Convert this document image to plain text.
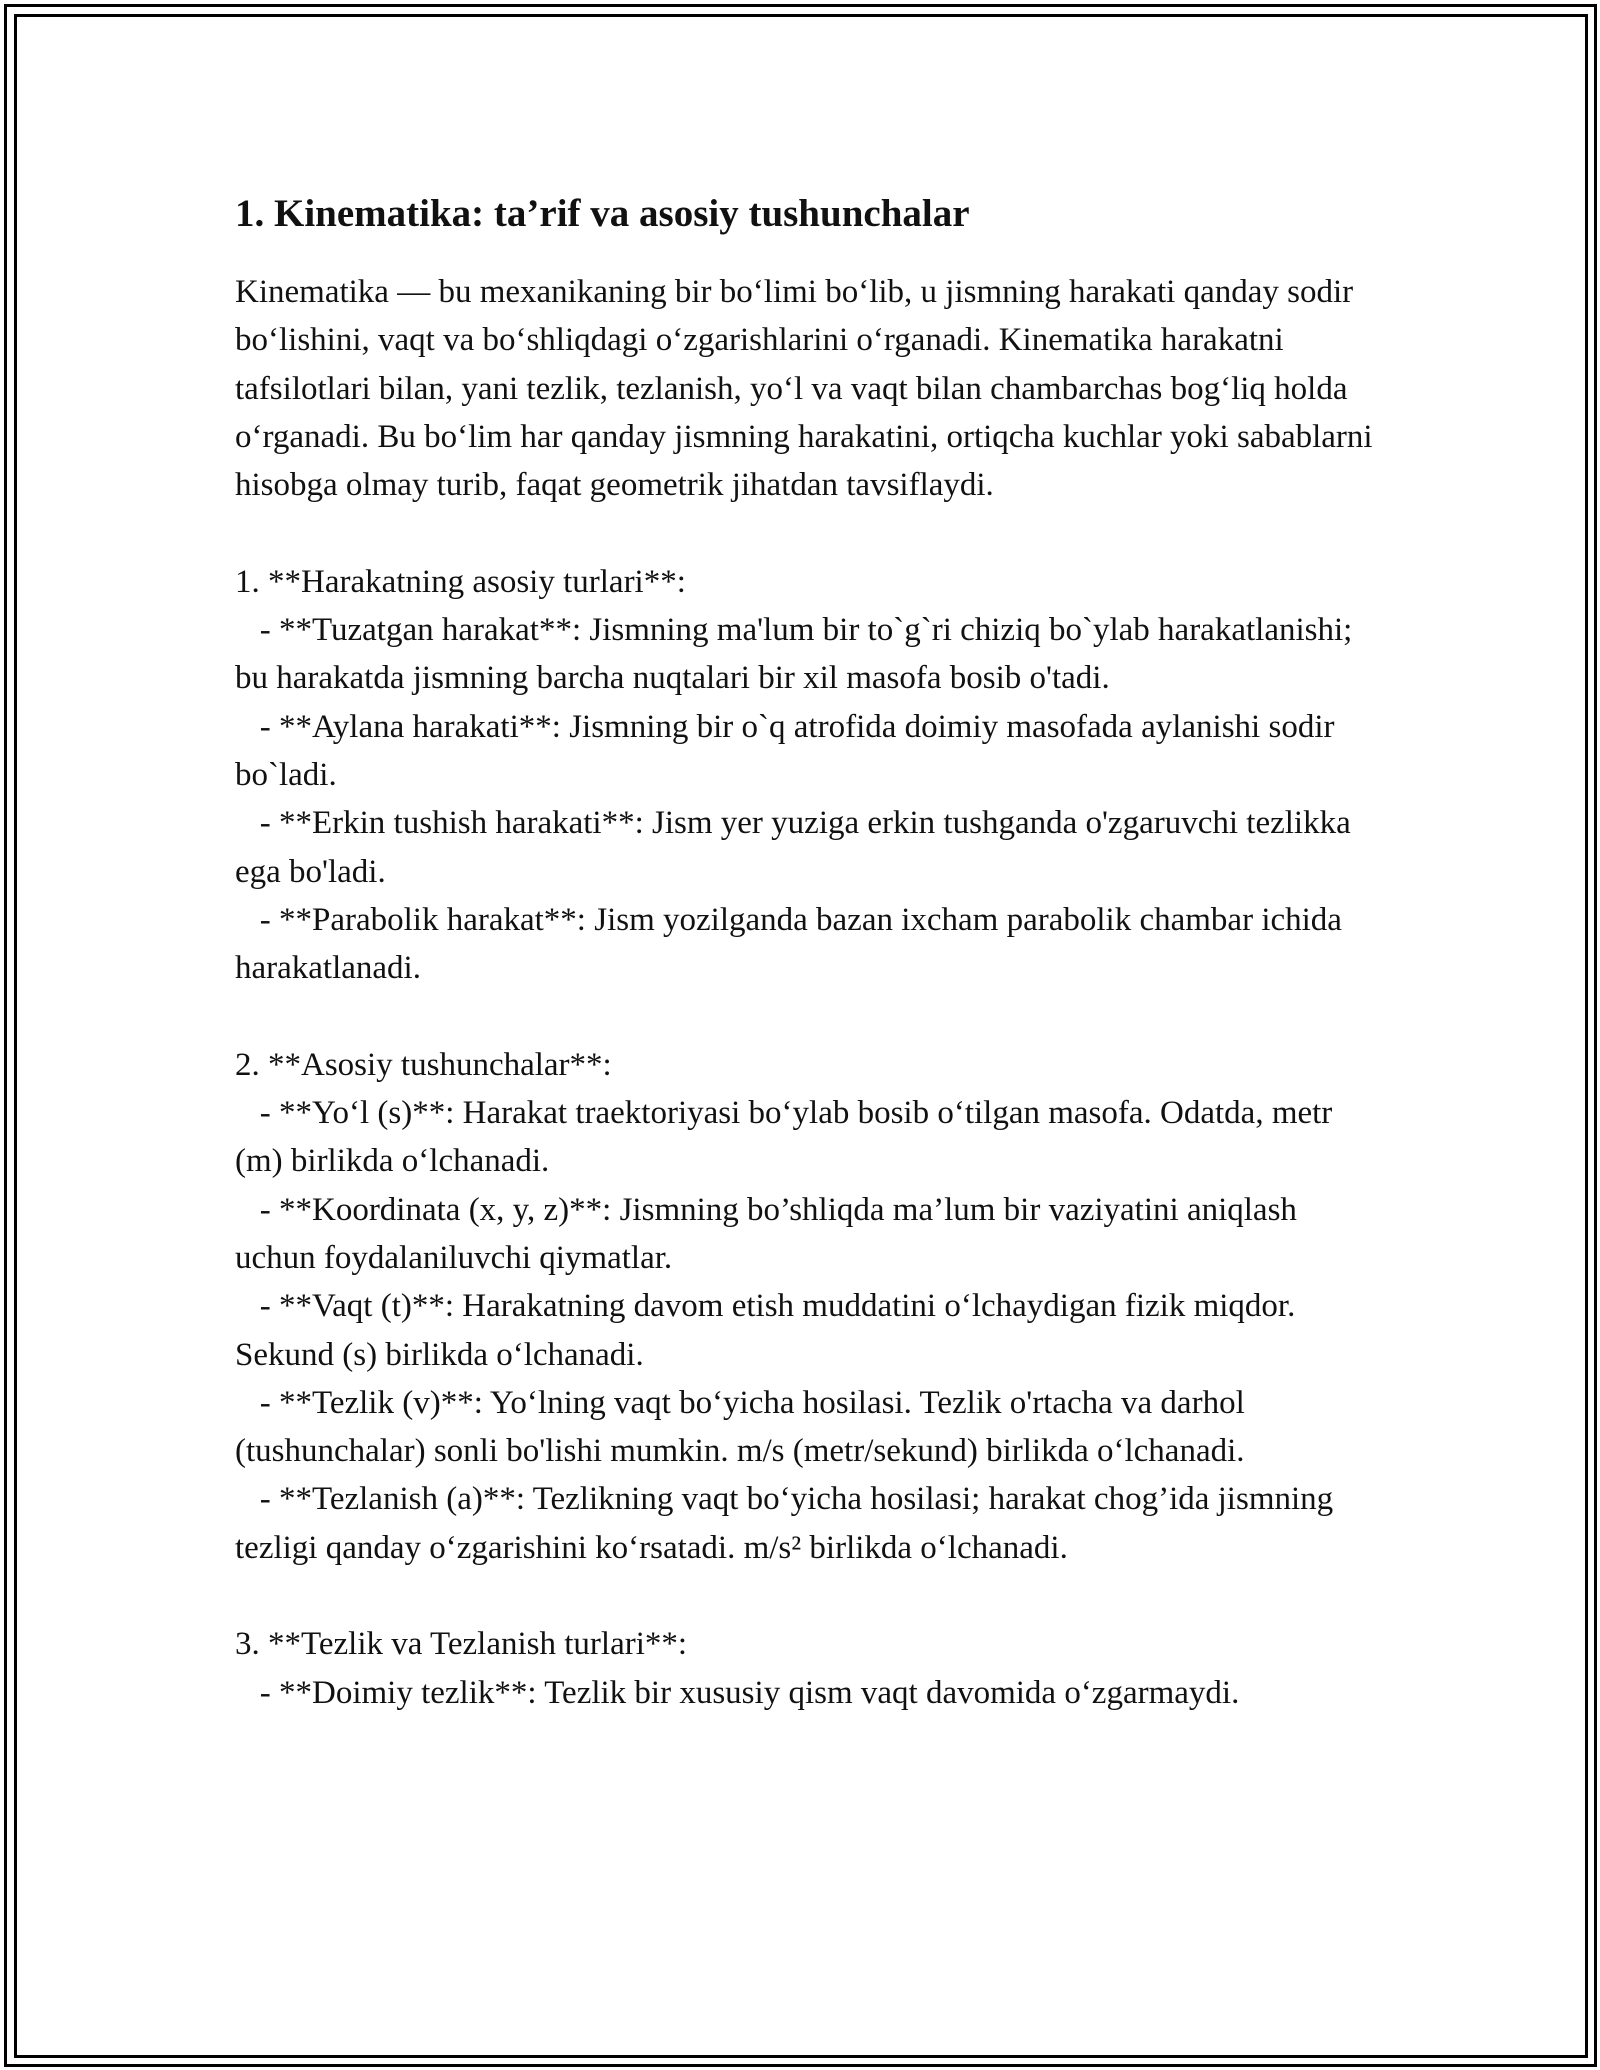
1. Kinematika: ta’rif va asosiy tushunchalar

Kinematika — bu mexanikaning bir bo‘limi bo‘lib, u jismning harakati qanday sodir bo‘lishini, vaqt va bo‘shliqdagi o‘zgarishlarini o‘rganadi. Kinematika harakatni tafsilotlari bilan, yani tezlik, tezlanish, yo‘l va vaqt bilan chambarchas bog‘liq holda o‘rganadi. Bu bo‘lim har qanday jismning harakatini, ortiqcha kuchlar yoki sabablarni hisobga olmay turib, faqat geometrik jihatdan tavsiflaydi.

1. **Harakatning asosiy turlari**:

- **Tuzatgan harakat**: Jismning ma'lum bir to`g`ri chiziq bo`ylab harakatlanishi; bu harakatda jismning barcha nuqtalari bir xil masofa bosib o'tadi.

- **Aylana harakati**: Jismning bir o`q atrofida doimiy masofada aylanishi sodir bo`ladi.

- **Erkin tushish harakati**: Jism yer yuziga erkin tushganda o'zgaruvchi tezlikka ega bo'ladi.

- **Parabolik harakat**: Jism yozilganda bazan ixcham parabolik chambar ichida harakatlanadi.

2. **Asosiy tushunchalar**:

- **Yo‘l (s)**: Harakat traektoriyasi bo‘ylab bosib o‘tilgan masofa. Odatda, metr (m) birlikda o‘lchanadi.

- **Koordinata (x, y, z)**: Jismning bo’shliqda ma’lum bir vaziyatini aniqlash uchun foydalaniluvchi qiymatlar.

- **Vaqt (t)**: Harakatning davom etish muddatini o‘lchaydigan fizik miqdor. Sekund (s) birlikda o‘lchanadi.

- **Tezlik (v)**: Yo‘lning vaqt bo‘yicha hosilasi. Tezlik o'rtacha va darhol (tushunchalar) sonli bo'lishi mumkin. m/s (metr/sekund) birlikda o‘lchanadi.

- **Tezlanish (a)**: Tezlikning vaqt bo‘yicha hosilasi; harakat chog’ida jismning tezligi qanday o‘zgarishini ko‘rsatadi. m/s² birlikda o‘lchanadi.

3. **Tezlik va Tezlanish turlari**:

- **Doimiy tezlik**: Tezlik bir xususiy qism vaqt davomida o‘zgarmaydi.
